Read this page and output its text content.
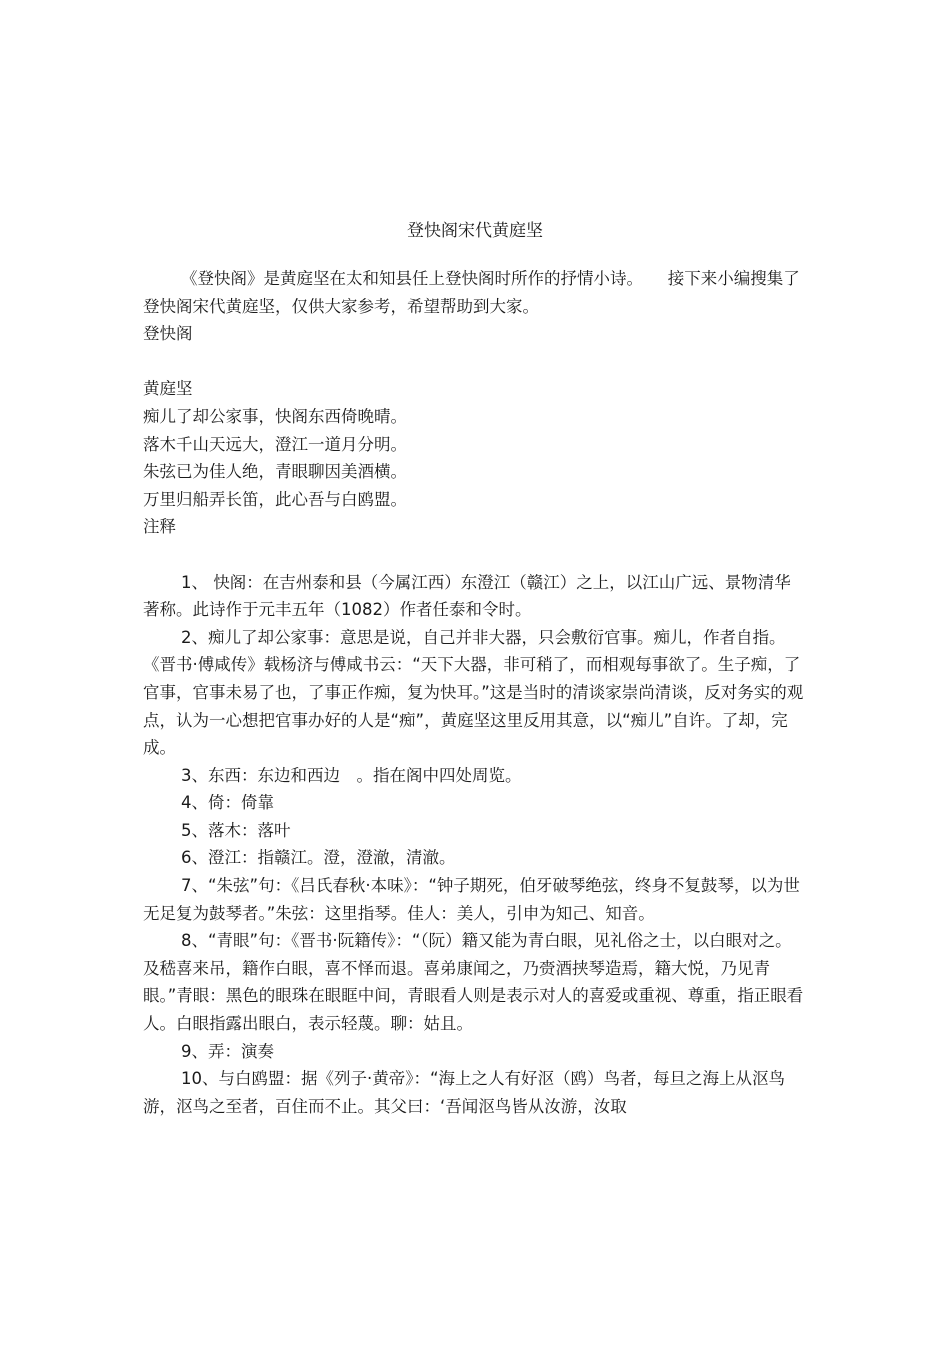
登快阁宋代黄庭坚

《登快阁》是黄庭坚在太和知县任上登快阁时所作的抒情小诗。　　接下来小编搜集了登快阁宋代黄庭坚，仅供大家参考，希望帮助到大家。

登快阁

黄庭坚

痴儿了却公家事，快阁东西倚晚晴。

落木千山天远大，澄江一道月分明。

朱弦已为佳人绝，青眼聊因美酒横。

万里归船弄长笛，此心吾与白鸥盟。

注释

1、 快阁：在吉州泰和县（今属江西）东澄江（赣江）之上，以江山广远、景物清华著称。此诗作于元丰五年（1082）作者任泰和令时。

2、痴儿了却公家事：意思是说，自己并非大器，只会敷衍官事。痴儿，作者自指。《晋书·傅咸传》载杨济与傅咸书云：“天下大器，非可稍了，而相观每事欲了。生子痴，了官事，官事未易了也，了事正作痴，复为快耳。”这是当时的清谈家崇尚清谈，反对务实的观点，认为一心想把官事办好的人是“痴”，黄庭坚这里反用其意，以“痴儿”自许。了却，完成。

3、东西：东边和西边　。指在阁中四处周览。

4、倚：倚靠

5、落木：落叶

6、澄江：指赣江。澄，澄澈，清澈。

7、“朱弦”句：《吕氏春秋·本味》：“钟子期死，伯牙破琴绝弦，终身不复鼓琴，以为世无足复为鼓琴者。”朱弦：这里指琴。佳人：美人，引申为知己、知音。

8、“青眼”句：《晋书·阮籍传》：“（阮）籍又能为青白眼，见礼俗之士，以白眼对之。及嵇喜来吊，籍作白眼，喜不怿而退。喜弟康闻之，乃赍酒挟琴造焉，籍大悦，乃见青眼。”青眼：黑色的眼珠在眼眶中间，青眼看人则是表示对人的喜爱或重视、尊重，指正眼看人。白眼指露出眼白，表示轻蔑。聊：姑且。

9、弄：演奏

10、与白鸥盟：据《列子·黄帝》：“海上之人有好沤（鸥）鸟者，每旦之海上从沤鸟游，沤鸟之至者，百住而不止。其父曰：‘吾闻沤鸟皆从汝游，汝取
